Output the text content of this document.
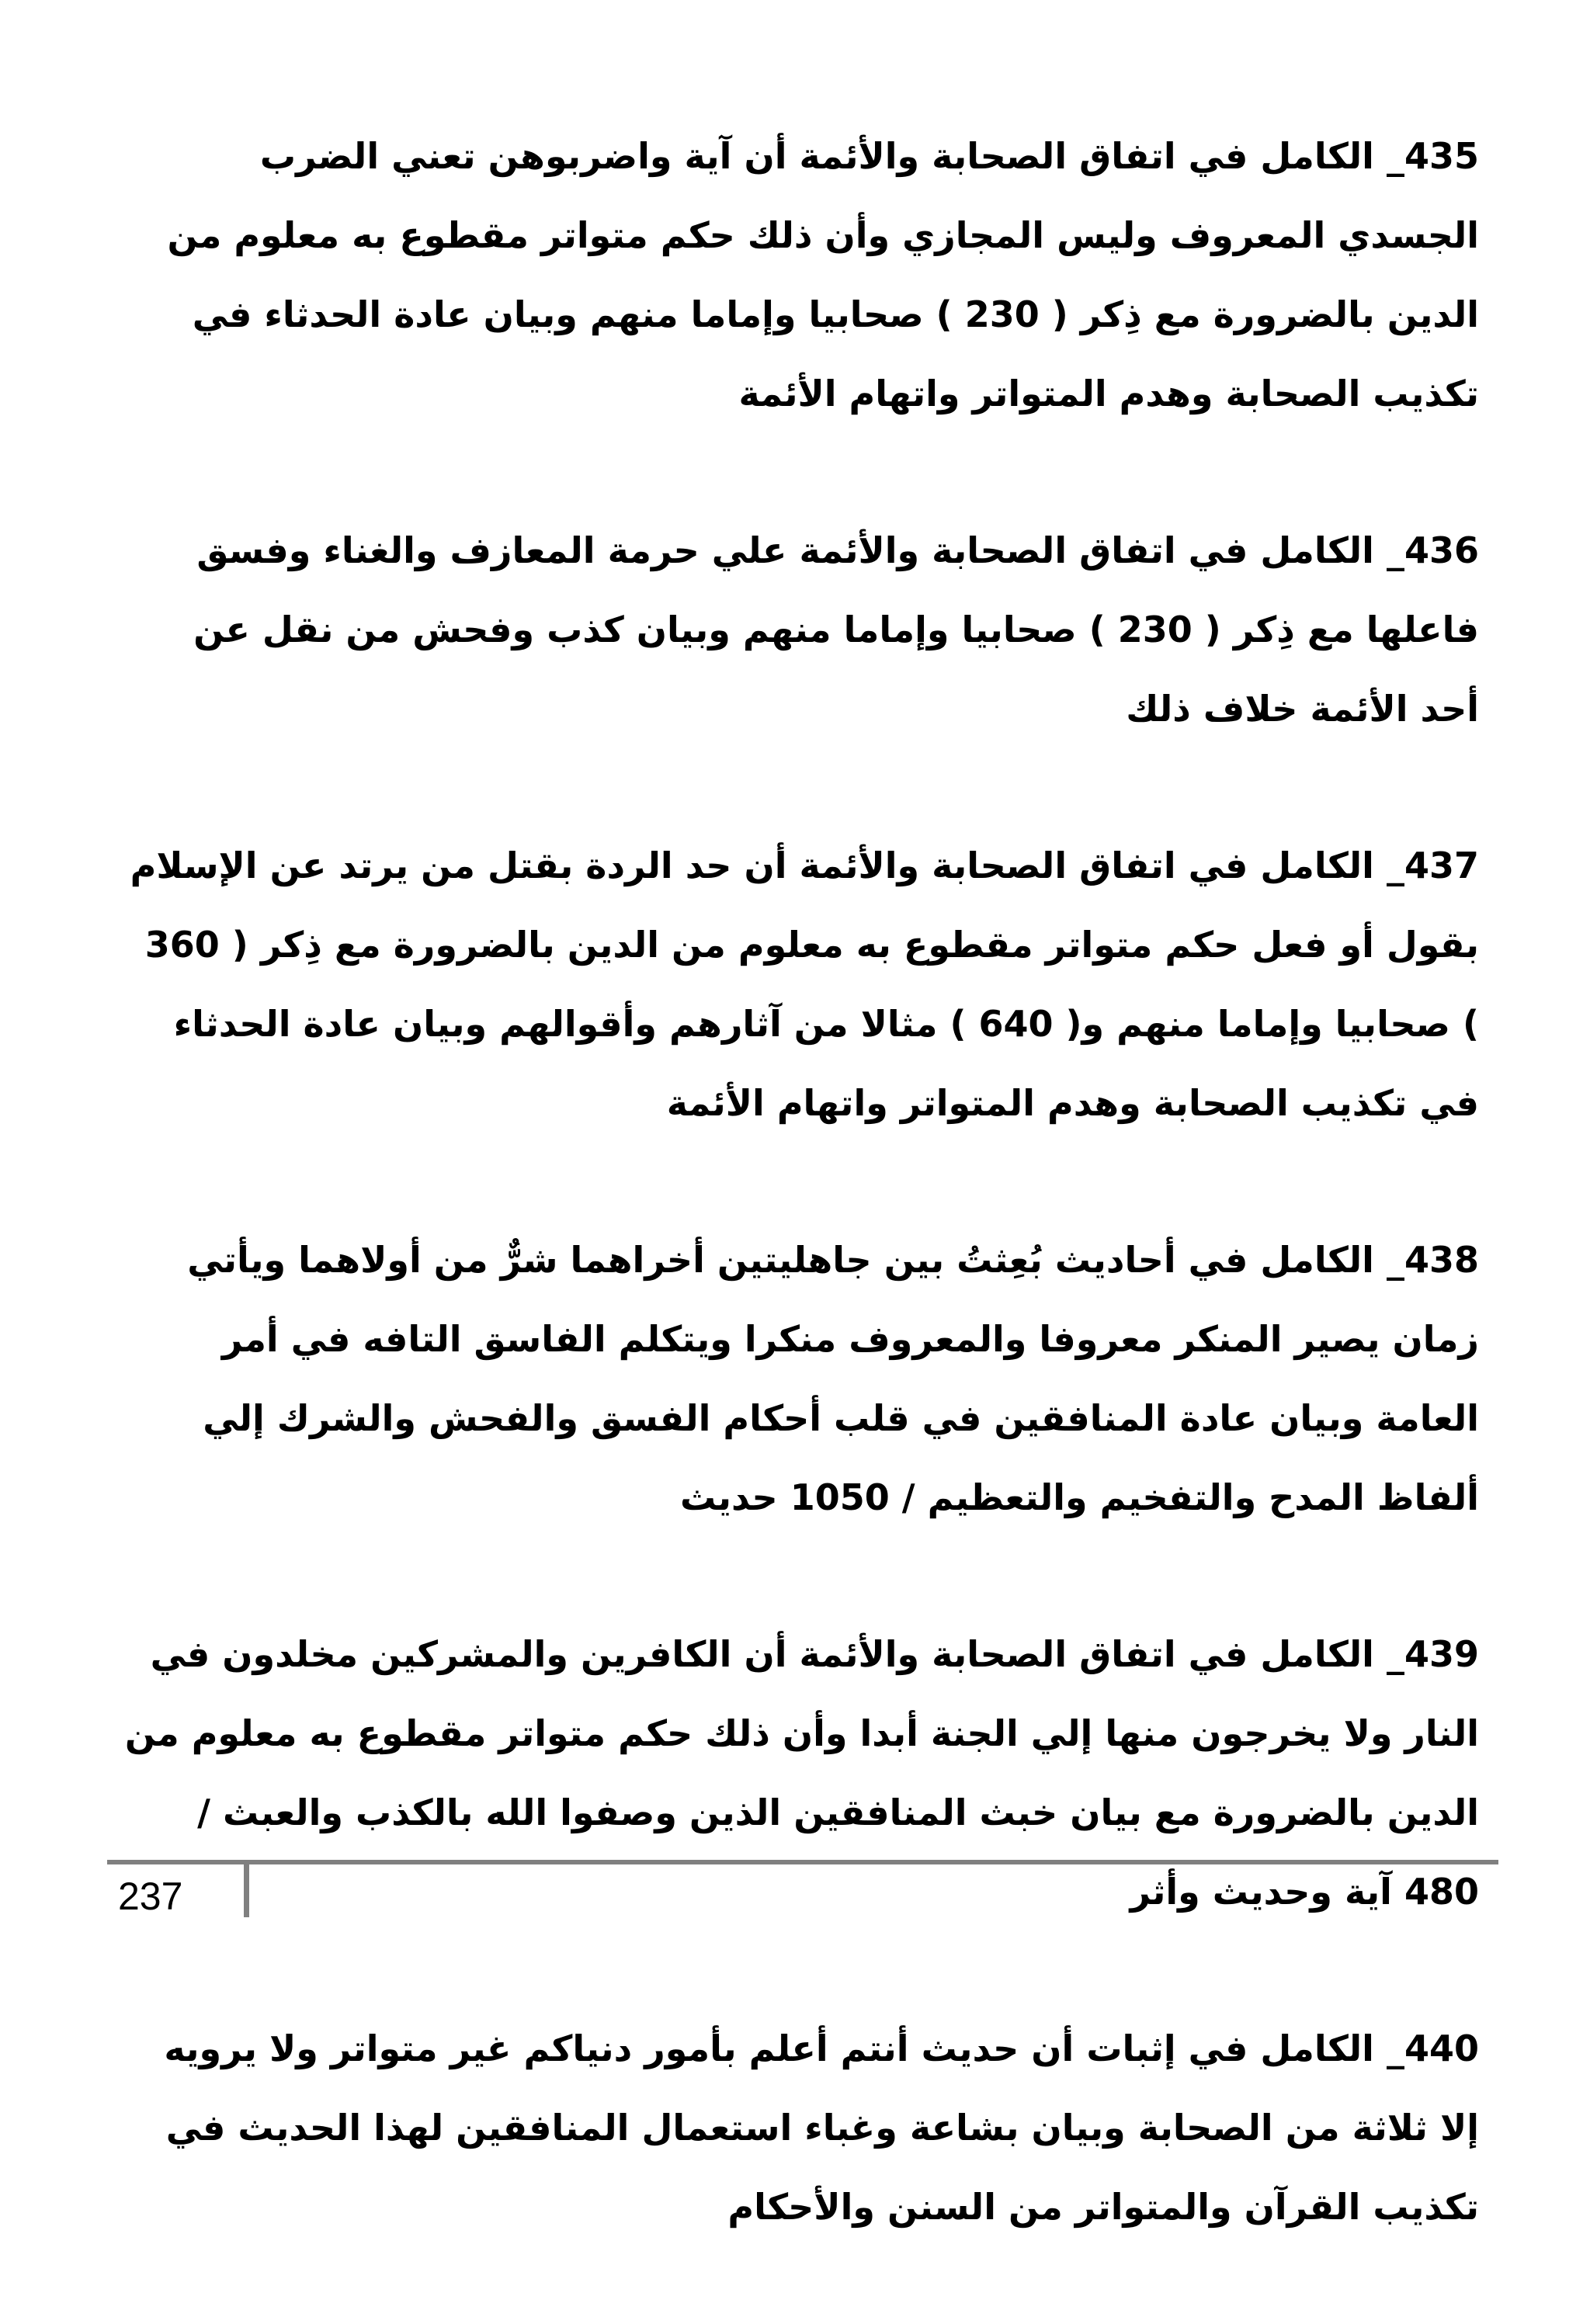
435_ الكامل في اتفاق الصحابة والأئمة أن آية واضربوهن تعني الضرب الجسدي المعروف وليس المجازي وأن ذلك حكم متواتر مقطوع به معلوم من الدين بالضرورة مع ذِكر ( 230 ) صحابيا وإماما منهم وبيان عادة الحدثاء في تكذيب الصحابة وهدم المتواتر واتهام الأئمة

436_ الكامل في اتفاق الصحابة والأئمة علي حرمة المعازف والغناء وفسق فاعلها مع ذِكر ( 230 ) صحابيا وإماما منهم وبيان كذب وفحش من نقل عن أحد الأئمة خلاف ذلك

437_ الكامل في اتفاق الصحابة والأئمة أن حد الردة بقتل من يرتد عن الإسلام بقول أو فعل حكم متواتر مقطوع به معلوم من الدين بالضرورة مع ذِكر ( 360 ) صحابيا وإماما منهم و( 640 ) مثالا من آثارهم وأقوالهم وبيان عادة الحدثاء في تكذيب الصحابة وهدم المتواتر واتهام الأئمة

438_ الكامل في أحاديث بُعِثتُ بين جاهليتين أخراهما شرٌّ من أولاهما ويأتي زمان يصير المنكر معروفا والمعروف منكرا ويتكلم الفاسق التافه في أمر العامة وبيان عادة المنافقين في قلب أحكام الفسق والفحش والشرك إلي ألفاظ المدح والتفخيم والتعظيم / 1050 حديث

439_ الكامل في اتفاق الصحابة والأئمة أن الكافرين والمشركين مخلدون في النار ولا يخرجون منها إلي الجنة أبدا وأن ذلك حكم متواتر مقطوع به معلوم من الدين بالضرورة مع بيان خبث المنافقين الذين وصفوا الله بالكذب والعبث / 480 آية وحديث وأثر

440_ الكامل في إثبات أن حديث أنتم أعلم بأمور دنياكم غير متواتر ولا يرويه إلا ثلاثة من الصحابة وبيان بشاعة وغباء استعمال المنافقين لهذا الحديث في تكذيب القرآن والمتواتر من السنن والأحكام

237
